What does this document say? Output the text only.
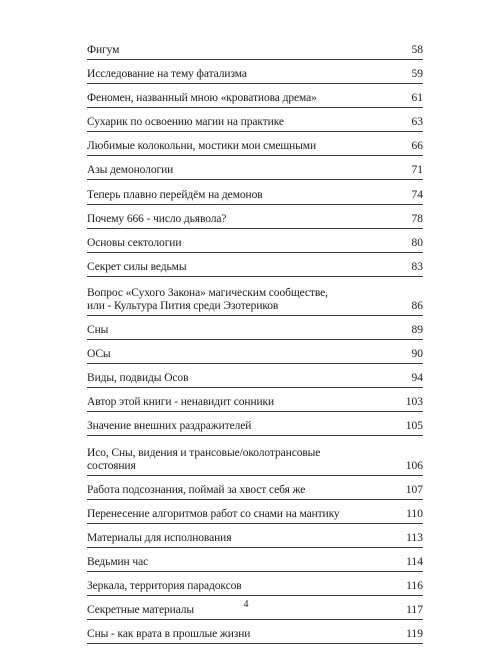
Фигум	58
Исследование на тему фатализма	59
Феномен, названный мною «кроватиова дрема»	61
Сухарик по освоению магии на практике	63
Любимые колокольни, мостики мои смешными	66
Азы демонологии	71
Теперь плавно перейдём на демонов	74
Почему 666 - число дьявола?	78
Основы сектологии	80
Секрет силы ведьмы	83
Вопрос «Сухого Закона» магическим сообществе,
или - Культура Пития среди Эзотериков	86
Сны	89
ОСы	90
Виды, подвиды Осов	94
Автор этой книги - ненавидит сонники	103
Значение внешних раздражителей	105
Исо, Сны, видения и трансовые/околотрансовые
состояния	106
Работа подсознания, поймай за хвост себя же	107
Перенесение алгоритмов работ со снами на мантику	110
Материалы для исполнования	113
Ведьмин час	114
Зеркала, территория парадоксов	116
Секретные материалы	117
Сны - как врата в прошлые жизни	119
4
